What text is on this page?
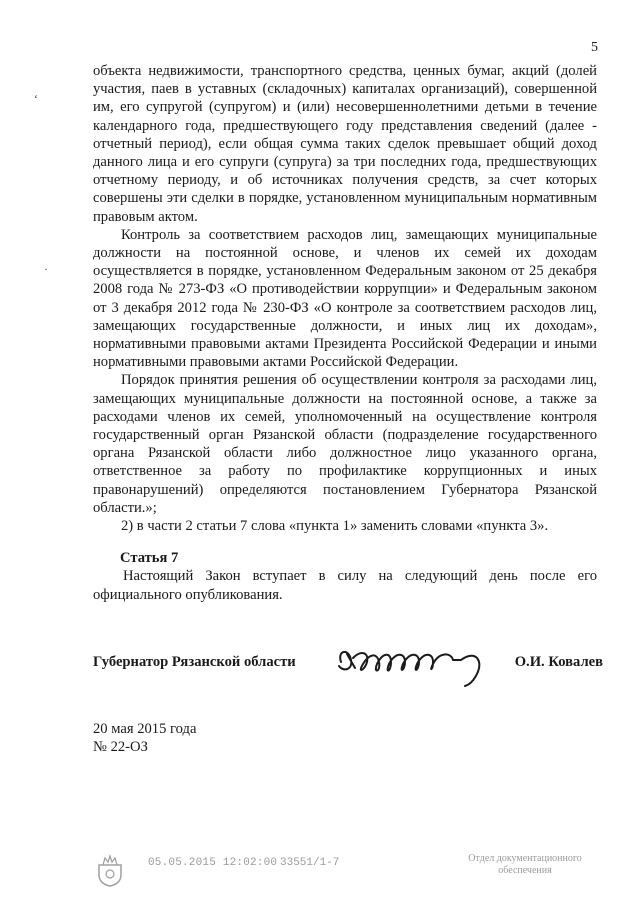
5
‘
·

объекта недвижимости, транспортного средства, ценных бумаг, акций (долей участия, паев в уставных (складочных) капиталах организаций), совершенной им, его супругой (супругом) и (или) несовершеннолетними детьми в течение календарного года, предшествующего году представления сведений (далее - отчетный период), если общая сумма таких сделок превышает общий доход данного лица и его супруги (супруга) за три последних года, предшествующих отчетному периоду, и об источниках получения средств, за счет которых совершены эти сделки в порядке, установленном муниципальным нормативным правовым актом.

Контроль за соответствием расходов лиц, замещающих муниципальные должности на постоянной основе, и членов их семей их доходам осуществляется в порядке, установленном Федеральным законом от 25 декабря 2008 года № 273-ФЗ «О противодействии коррупции» и Федеральным законом от 3 декабря 2012 года № 230-ФЗ «О контроле за соответствием расходов лиц, замещающих государственные должности, и иных лиц их доходам», нормативными правовыми актами Президента Российской Федерации и иными нормативными правовыми актами Российской Федерации.

Порядок принятия решения об осуществлении контроля за расходами лиц, замещающих муниципальные должности на постоянной основе, а также за расходами членов их семей, уполномоченный на осуществление контроля государственный орган Рязанской области (подразделение государственного органа Рязанской области либо должностное лицо указанного органа, ответственное за работу по профилактике коррупционных и иных правонарушений) определяются постановлением Губернатора Рязанской области.»;

2) в части 2 статьи 7 слова «пункта 1» заменить словами «пункта 3».

Статья 7

Настоящий Закон вступает в силу на следующий день после его официального опубликования.

Губернатор Рязанской области	О.И. Ковалев
20 мая 2015 года
№ 22-ОЗ
05.05.2015 12:02:00 33551/1-7	Отдел документационного обеспечения
